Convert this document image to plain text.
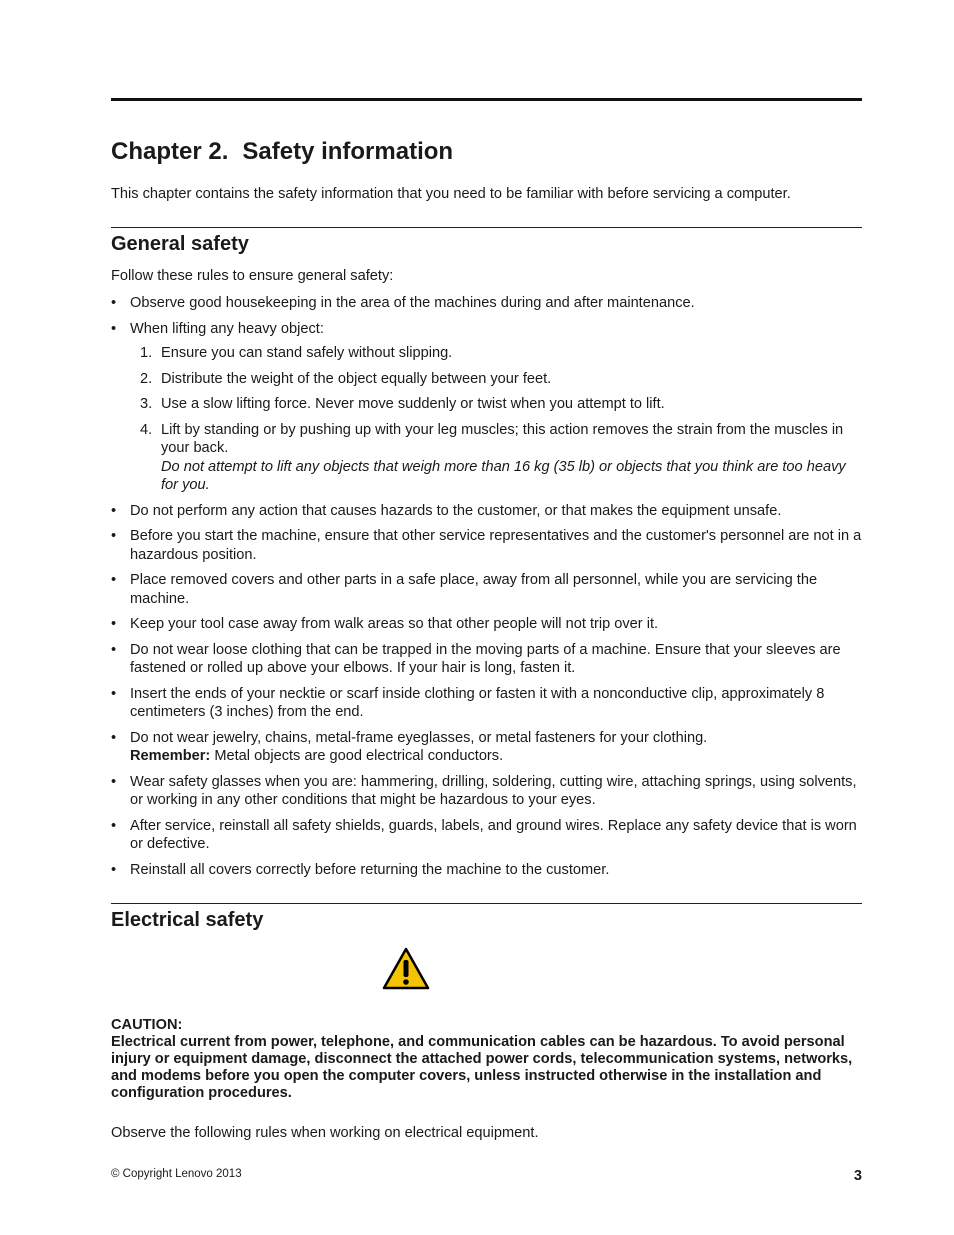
Chapter 2. Safety information

This chapter contains the safety information that you need to be familiar with before servicing a computer.

General safety

Follow these rules to ensure general safety:

• Observe good housekeeping in the area of the machines during and after maintenance.
• When lifting any heavy object:
1. Ensure you can stand safely without slipping.
2. Distribute the weight of the object equally between your feet.
3. Use a slow lifting force. Never move suddenly or twist when you attempt to lift.
4. Lift by standing or by pushing up with your leg muscles; this action removes the strain from the muscles in your back.
Do not attempt to lift any objects that weigh more than 16 kg (35 lb) or objects that you think are too heavy for you.
• Do not perform any action that causes hazards to the customer, or that makes the equipment unsafe.
• Before you start the machine, ensure that other service representatives and the customer's personnel are not in a hazardous position.
• Place removed covers and other parts in a safe place, away from all personnel, while you are servicing the machine.
• Keep your tool case away from walk areas so that other people will not trip over it.
• Do not wear loose clothing that can be trapped in the moving parts of a machine. Ensure that your sleeves are fastened or rolled up above your elbows. If your hair is long, fasten it.
• Insert the ends of your necktie or scarf inside clothing or fasten it with a nonconductive clip, approximately 8 centimeters (3 inches) from the end.
• Do not wear jewelry, chains, metal-frame eyeglasses, or metal fasteners for your clothing.
Remember: Metal objects are good electrical conductors.
• Wear safety glasses when you are: hammering, drilling, soldering, cutting wire, attaching springs, using solvents, or working in any other conditions that might be hazardous to your eyes.
• After service, reinstall all safety shields, guards, labels, and ground wires. Replace any safety device that is worn or defective.
• Reinstall all covers correctly before returning the machine to the customer.
Electrical safety
CAUTION:
Electrical current from power, telephone, and communication cables can be hazardous. To avoid personal injury or equipment damage, disconnect the attached power cords, telecommunication systems, networks, and modems before you open the computer covers, unless instructed otherwise in the installation and configuration procedures.

Observe the following rules when working on electrical equipment.

© Copyright Lenovo 2013	3
